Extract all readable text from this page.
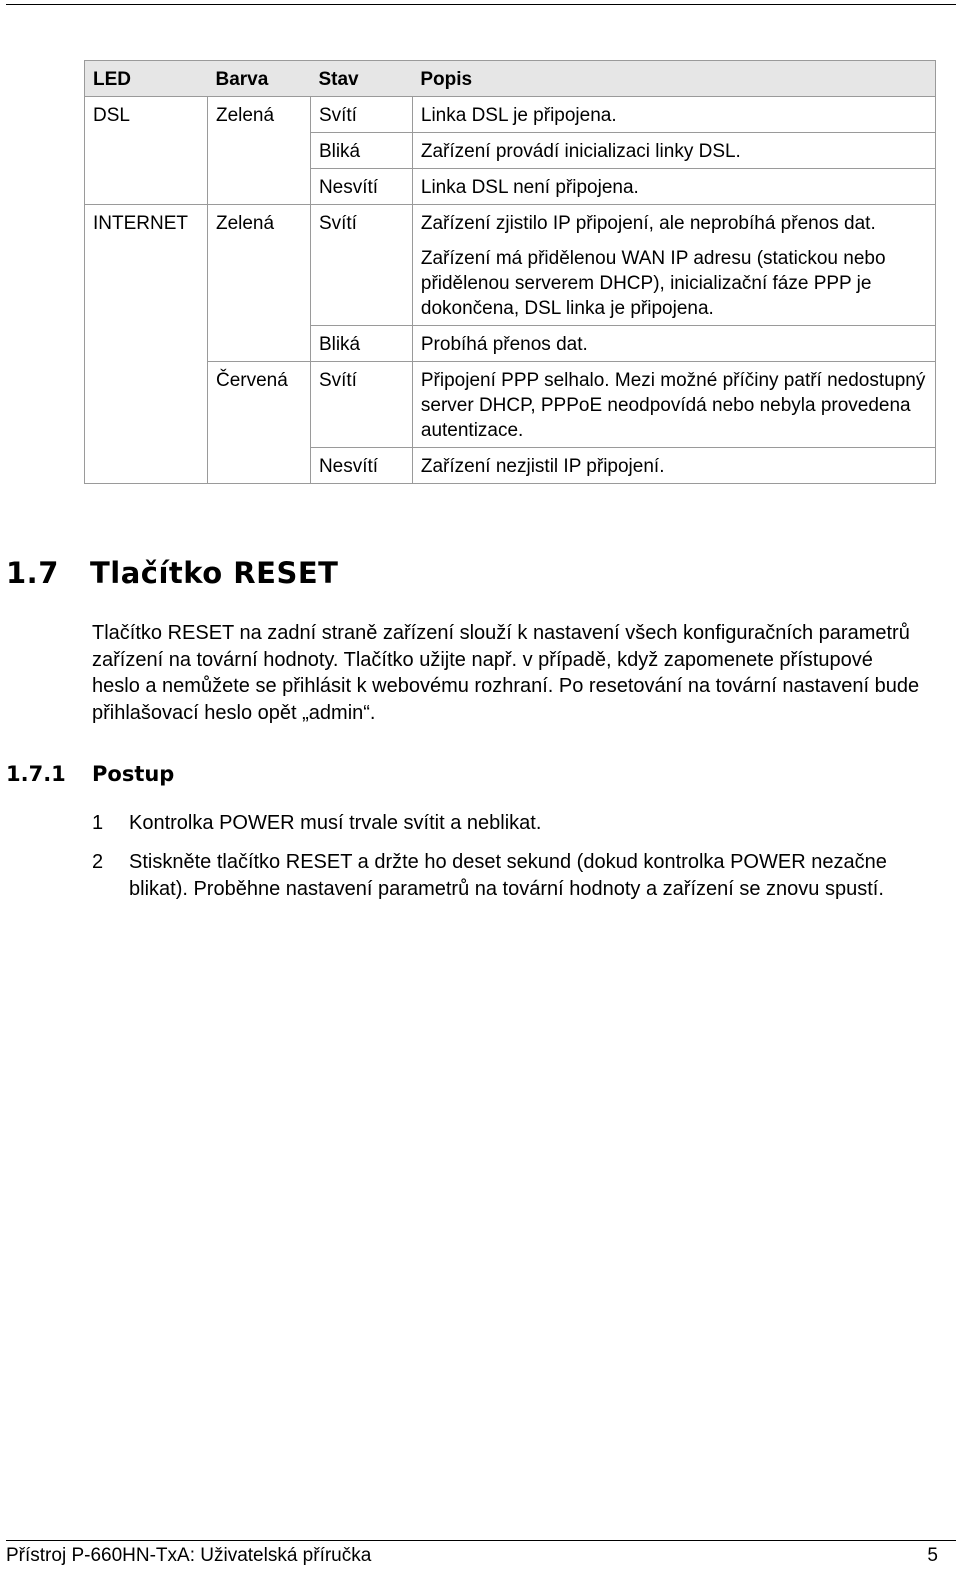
LED	Barva	Stav	Popis
DSL	Zelená	Svítí	Linka DSL je připojena.
		Bliká	Zařízení provádí inicializaci linky DSL.
		Nesvítí	Linka DSL není připojena.
INTERNET	Zelená	Svítí	Zařízení zjistilo IP připojení, ale neprobíhá přenos dat.
			Zařízení má přidělenou WAN IP adresu (statickou nebo přidělenou serverem DHCP), inicializační fáze PPP je dokončena, DSL linka je připojena.
		Bliká	Probíhá přenos dat.
	Červená	Svítí	Připojení PPP selhalo. Mezi možné příčiny patří nedostupný server DHCP, PPPoE neodpovídá nebo nebyla provedena autentizace.
		Nesvítí	Zařízení nezjistil IP připojení.
1.7 Tlačítko RESET
Tlačítko RESET na zadní straně zařízení slouží k nastavení všech konfiguračních parametrů zařízení na tovární hodnoty. Tlačítko užijte např. v případě, když zapomenete přístupové heslo a nemůžete se přihlásit k webovému rozhraní. Po resetování na tovární nastavení bude přihlašovací heslo opět „admin“.
1.7.1 Postup
1 Kontrolka POWER musí trvale svítit a neblikat.
2 Stiskněte tlačítko RESET a držte ho deset sekund (dokud kontrolka POWER nezačne blikat). Proběhne nastavení parametrů na tovární hodnoty a zařízení se znovu spustí.
Přístroj P-660HN-TxA: Uživatelská příručka	5
